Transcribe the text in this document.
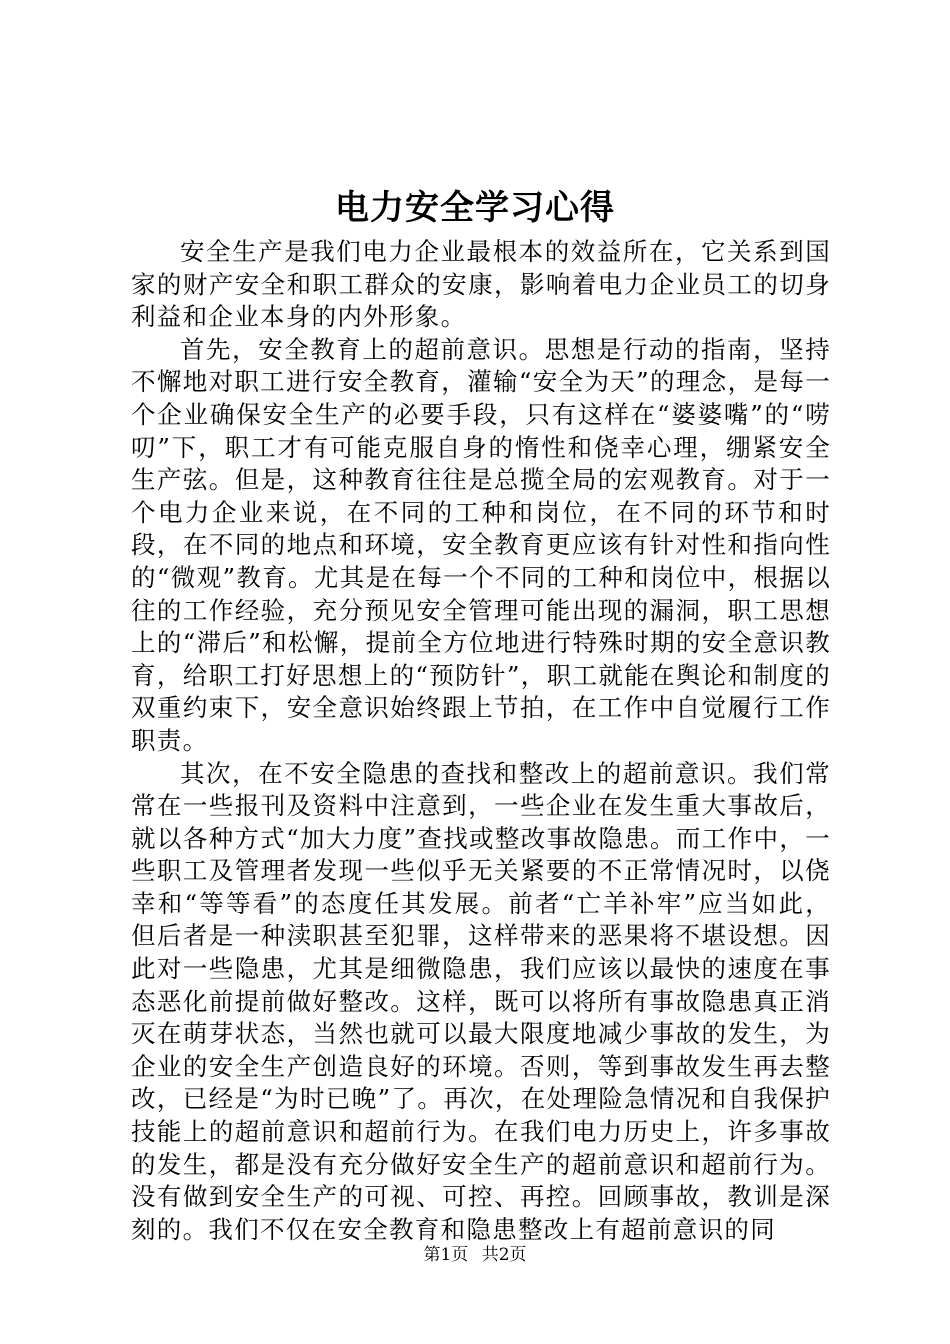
电力安全学习心得

安全生产是我们电力企业最根本的效益所在，它关系到国家的财产安全和职工群众的安康，影响着电力企业员工的切身利益和企业本身的内外形象。

首先，安全教育上的超前意识。思想是行动的指南，坚持不懈地对职工进行安全教育，灌输“安全为天”的理念，是每一个企业确保安全生产的必要手段，只有这样在“婆婆嘴”的“唠叨”下，职工才有可能克服自身的惰性和侥幸心理，绷紧安全生产弦。但是，这种教育往往是总揽全局的宏观教育。对于一个电力企业来说，在不同的工种和岗位，在不同的环节和时段，在不同的地点和环境，安全教育更应该有针对性和指向性的“微观”教育。尤其是在每一个不同的工种和岗位中，根据以往的工作经验，充分预见安全管理可能出现的漏洞，职工思想上的“滞后”和松懈，提前全方位地进行特殊时期的安全意识教育，给职工打好思想上的“预防针”，职工就能在舆论和制度的双重约束下，安全意识始终跟上节拍，在工作中自觉履行工作职责。

其次，在不安全隐患的查找和整改上的超前意识。我们常常在一些报刊及资料中注意到，一些企业在发生重大事故后，就以各种方式“加大力度”查找或整改事故隐患。而工作中，一些职工及管理者发现一些似乎无关紧要的不正常情况时，以侥幸和“等等看”的态度任其发展。前者“亡羊补牢”应当如此，但后者是一种渎职甚至犯罪，这样带来的恶果将不堪设想。因此对一些隐患，尤其是细微隐患，我们应该以最快的速度在事态恶化前提前做好整改。这样，既可以将所有事故隐患真正消灭在萌芽状态，当然也就可以最大限度地减少事故的发生，为企业的安全生产创造良好的环境。否则，等到事故发生再去整改，已经是“为时已晚”了。再次，在处理险急情况和自我保护技能上的超前意识和超前行为。在我们电力历史上，许多事故的发生，都是没有充分做好安全生产的超前意识和超前行为。没有做到安全生产的可视、可控、再控。回顾事故，教训是深刻的。我们不仅在安全教育和隐患整改上有超前意识的同

第1页 共2页
